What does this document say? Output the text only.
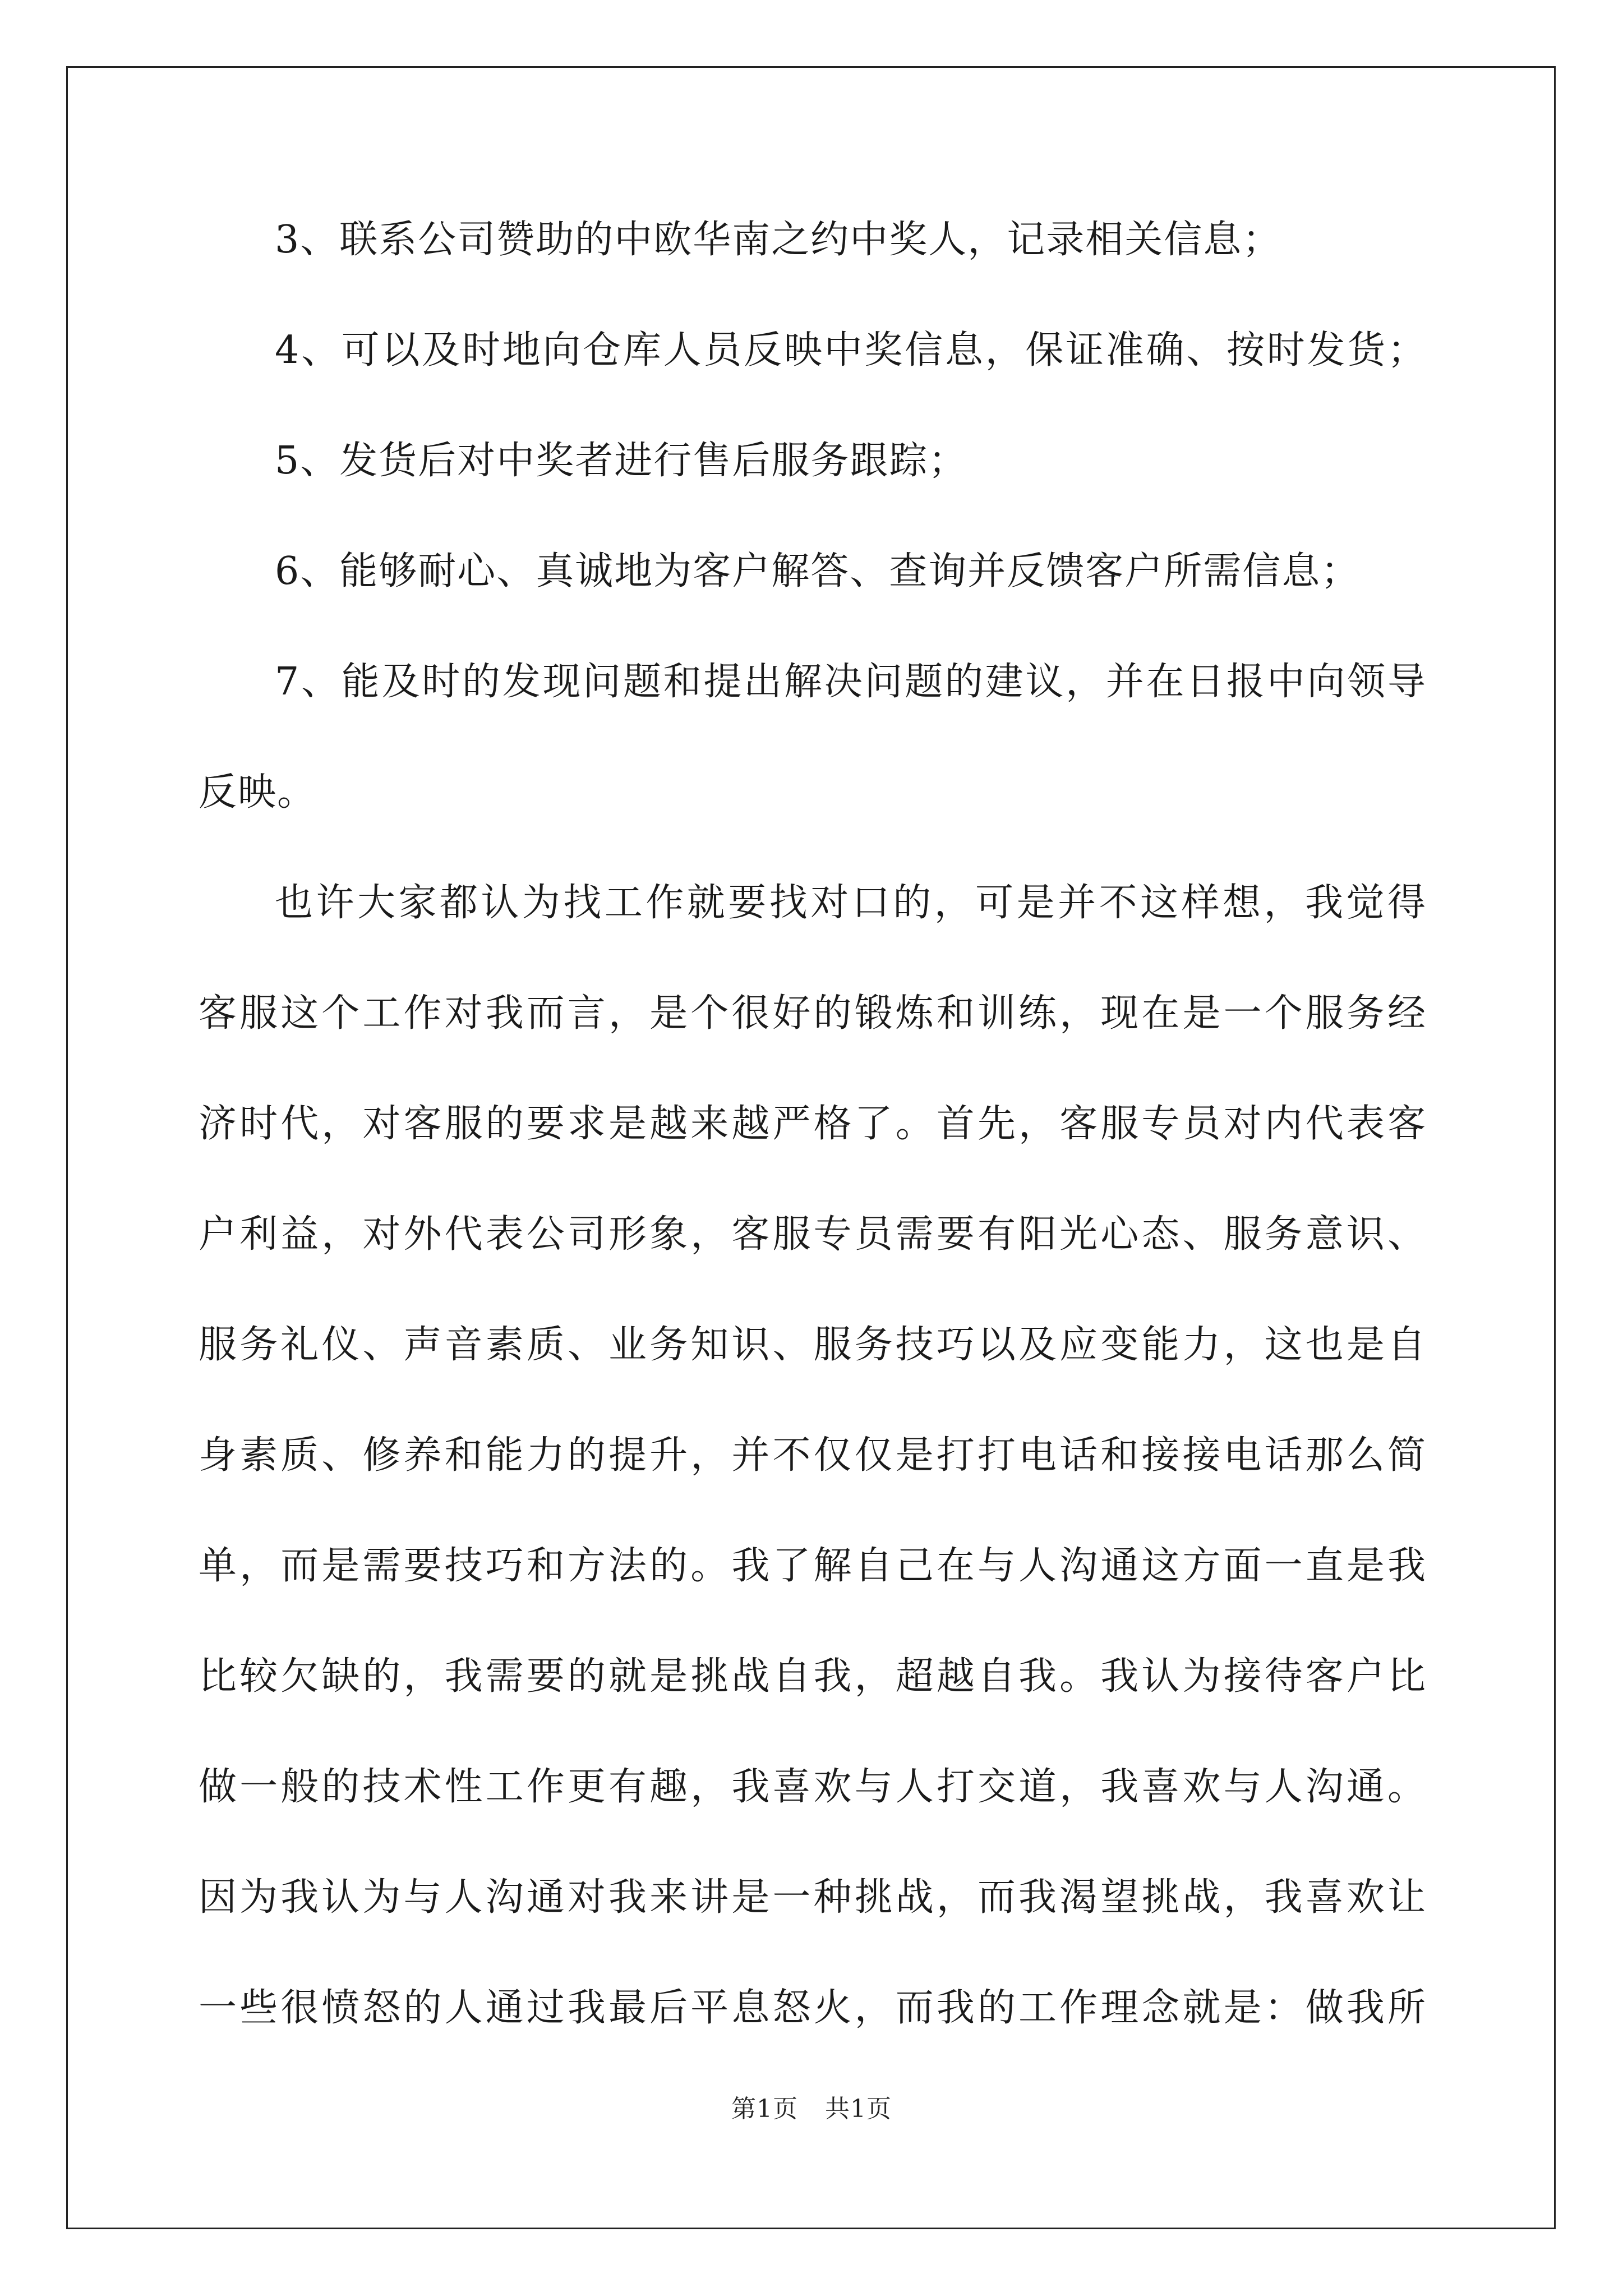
3、联系公司赞助的中欧华南之约中奖人，记录相关信息；

4、可以及时地向仓库人员反映中奖信息，保证准确、按时发货；

5、发货后对中奖者进行售后服务跟踪；

6、能够耐心、真诚地为客户解答、查询并反馈客户所需信息；

7、能及时的发现问题和提出解决问题的建议，并在日报中向领导

反映。

也许大家都认为找工作就要找对口的，可是并不这样想，我觉得

客服这个工作对我而言，是个很好的锻炼和训练，现在是一个服务经

济时代，对客服的要求是越来越严格了。首先，客服专员对内代表客

户利益，对外代表公司形象，客服专员需要有阳光心态、服务意识、

服务礼仪、声音素质、业务知识、服务技巧以及应变能力，这也是自

身素质、修养和能力的提升，并不仅仅是打打电话和接接电话那么简

单，而是需要技巧和方法的。我了解自己在与人沟通这方面一直是我

比较欠缺的，我需要的就是挑战自我，超越自我。我认为接待客户比

做一般的技术性工作更有趣，我喜欢与人打交道，我喜欢与人沟通。

因为我认为与人沟通对我来讲是一种挑战，而我渴望挑战，我喜欢让

一些很愤怒的人通过我最后平息怒火，而我的工作理念就是：做我所

第1页 共1页
